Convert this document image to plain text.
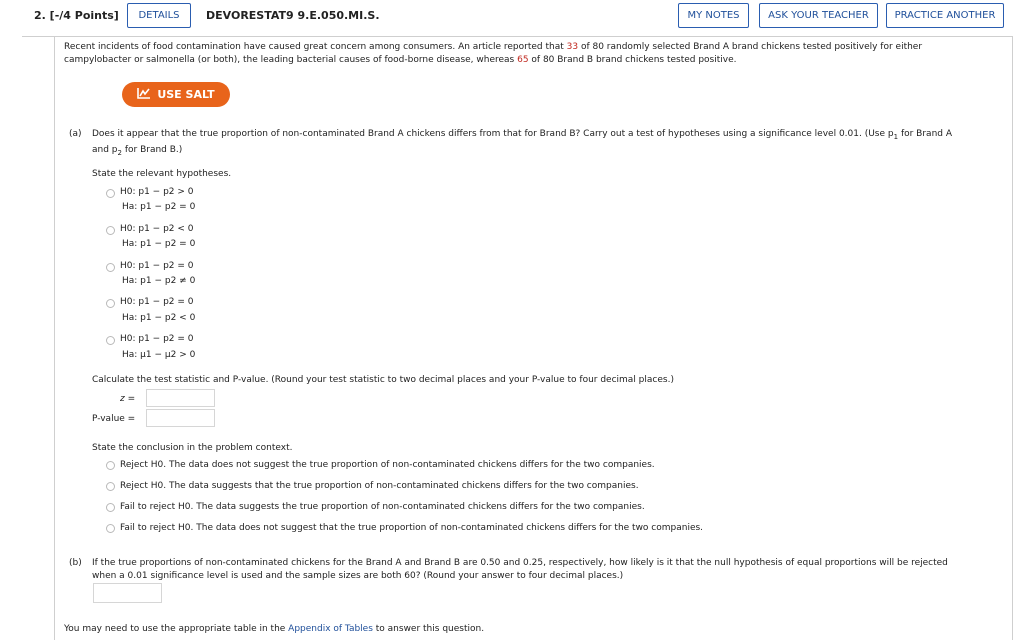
2. [-/4 Points]	DETAILS	DEVORESTAT9 9.E.050.MI.S.	MY NOTES	ASK YOUR TEACHER	PRACTICE ANOTHER
Recent incidents of food contamination have caused great concern among consumers. An article reported that 33 of 80 randomly selected Brand A brand chickens tested positively for either
campylobacter or salmonella (or both), the leading bacterial causes of food-borne disease, whereas 65 of 80 Brand B brand chickens tested positive.
USE SALT
(a) Does it appear that the true proportion of non-contaminated Brand A chickens differs from that for Brand B? Carry out a test of hypotheses using a significance level 0.01. (Use $p_1$ for Brand A
and $p_2$ for Brand B.)
State the relevant hypotheses.
H0: p1 − p2 > 0
Ha: p1 − p2 = 0
H0: p1 − p2 < 0
Ha: p1 − p2 = 0
H0: p1 − p2 = 0
Ha: p1 − p2 ≠ 0
H0: p1 − p2 = 0
Ha: p1 − p2 < 0
H0: p1 − p2 = 0
Ha: μ1 − μ2 > 0
Calculate the test statistic and P-value. (Round your test statistic to two decimal places and your P-value to four decimal places.)
z =
P-value =
State the conclusion in the problem context.
Reject H0. The data does not suggest the true proportion of non-contaminated chickens differs for the two companies.
Reject H0. The data suggests that the true proportion of non-contaminated chickens differs for the two companies.
Fail to reject H0. The data suggests the true proportion of non-contaminated chickens differs for the two companies.
Fail to reject H0. The data does not suggest that the true proportion of non-contaminated chickens differs for the two companies.
(b) If the true proportions of non-contaminated chickens for the Brand A and Brand B are 0.50 and 0.25, respectively, how likely is it that the null hypothesis of equal proportions will be rejected
when a 0.01 significance level is used and the sample sizes are both 60? (Round your answer to four decimal places.)
You may need to use the appropriate table in the Appendix of Tables to answer this question.
